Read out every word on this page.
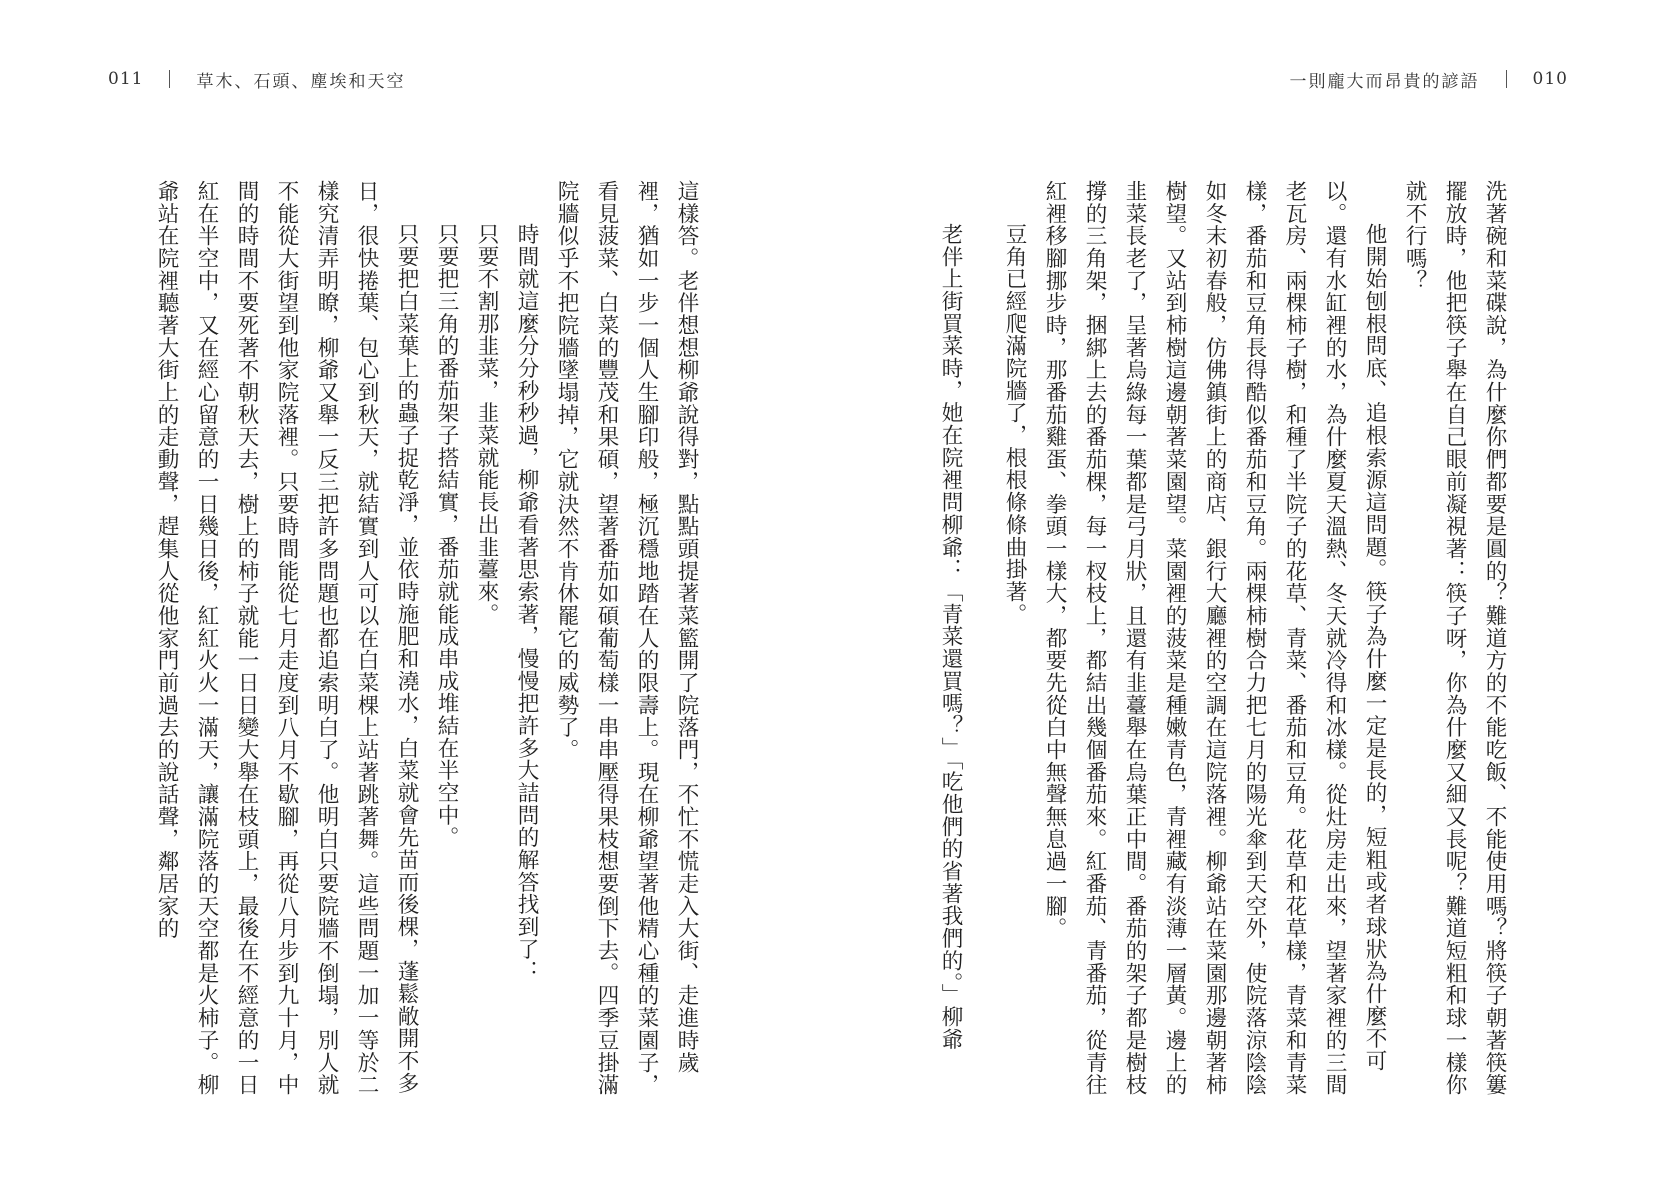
011	草木、石頭、塵埃和天空	一則龐大而昂貴的諺語	010

洗著碗和菜碟說，為什麼你們都要是圓的？難道方的不能吃飯、不能使用嗎？將筷子朝著筷簍擺放時，他把筷子舉在自己眼前凝視著：筷子呀，你為什麼又細又長呢？難道短粗和球一樣你就不行嗎？

他開始刨根問底、追根索源這問題。筷子為什麼一定是長的，短粗或者球狀為什麼不可以。還有水缸裡的水，為什麼夏天溫熱、冬天就冷得和冰樣。從灶房走出來，望著家裡的三間老瓦房、兩棵柿子樹，和種了半院子的花草、青菜、番茄和豆角。花草和花草樣，青菜和青菜樣，番茄和豆角長得酷似番茄和豆角。兩棵柿樹合力把七月的陽光傘到天空外，使院落涼陰陰如冬末初春般，仿佛鎮街上的商店、銀行大廳裡的空調在這院落裡。柳爺站在菜園那邊朝著柿樹望。又站到柿樹這邊朝著菜園望。菜園裡的菠菜是種嫩青色，青裡藏有淡薄一層黃。邊上的韭菜長老了，呈著烏綠每一葉都是弓月狀，且還有韭薹舉在烏葉正中間。番茄的架子都是樹枝撐的三角架，捆綁上去的番茄棵，每一杈枝上，都結出幾個番茄來。紅番茄、青番茄，從青往紅裡移腳挪步時，那番茄雞蛋、拳頭一樣大，都要先從白中無聲無息過一腳。

豆角已經爬滿院牆了，根根條條曲掛著。

老伴上街買菜時，她在院裡問柳爺：「青菜還買嗎？」「吃他們的省著我們的。」柳爺

這樣答。老伴想想柳爺說得對，點點頭提著菜籃開了院落門，不忙不慌走入大街、走進時歲裡，猶如一步一個人生腳印般，極沉穩地踏在人的限壽上。現在柳爺望著他精心種的菜園子，看見菠菜、白菜的豐茂和果碩，望著番茄如碩葡萄樣一串串壓得果枝想要倒下去。四季豆掛滿院牆似乎不把院牆墜塌掉，它就決然不肯休罷它的威勢了。

時間就這麼分分秒秒過，柳爺看著思索著，慢慢把許多大詰問的解答找到了：

只要不割那韭菜，韭菜就能長出韭薹來。

只要把三角的番茄架子搭結實，番茄就能成串成堆結在半空中。

只要把白菜葉上的蟲子捉乾淨，並依時施肥和澆水，白菜就會先苗而後棵，蓬鬆敞開不多日，很快捲葉、包心到秋天，就結實到人可以在白菜棵上站著跳著舞。這些問題一加一等於二樣究清弄明瞭，柳爺又舉一反三把許多問題也都追索明白了。他明白只要院牆不倒塌，別人就不能從大街望到他家院落裡。只要時間能從七月走度到八月不歇腳，再從八月步到九十月，中間的時間不要死著不朝秋天去，樹上的柿子就能一日日變大舉在枝頭上，最後在不經意的一日紅在半空中，又在經心留意的一日幾日後，紅紅火火一滿天，讓滿院落的天空都是火柿子。柳爺站在院裡聽著大街上的走動聲，趕集人從他家門前過去的說話聲，鄰居家的
